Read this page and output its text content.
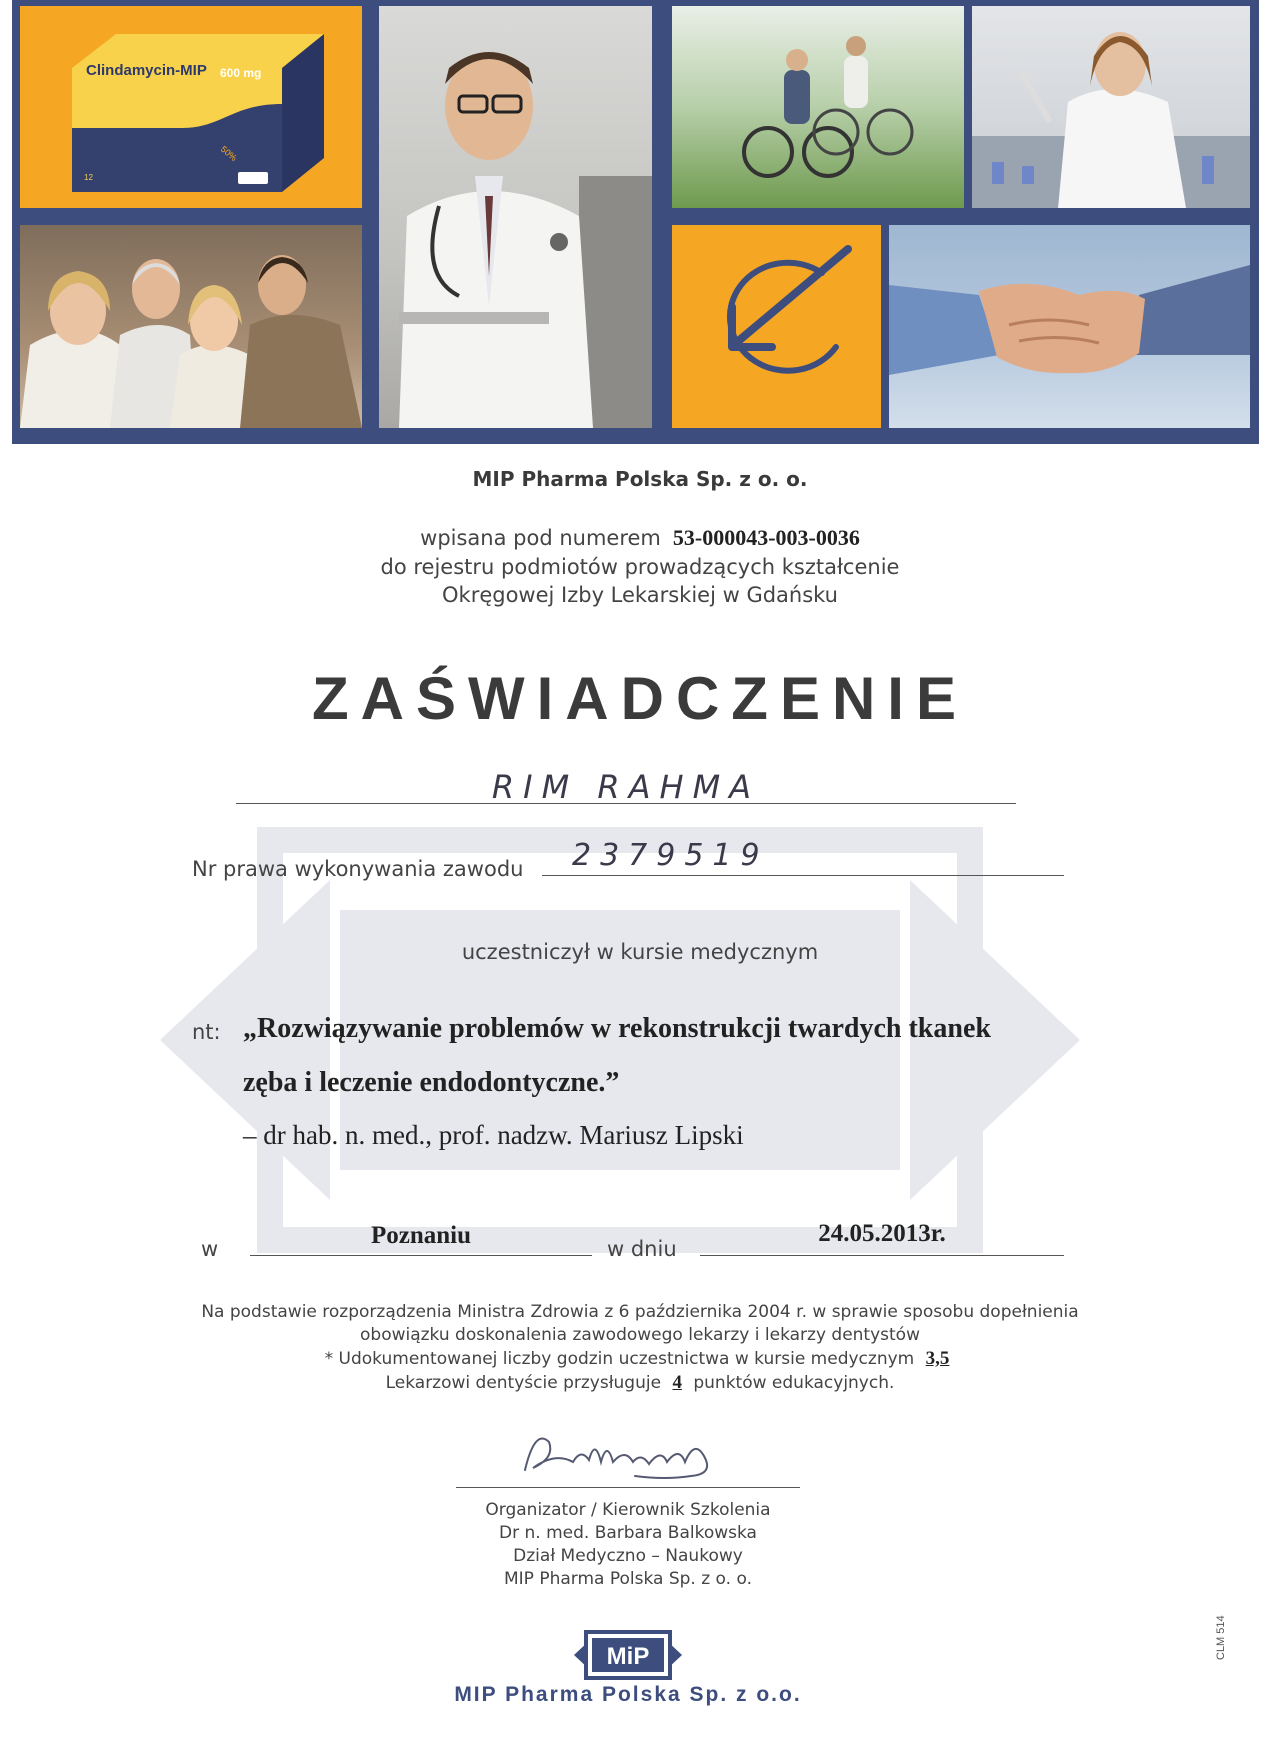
50%
12
Clindamycin-MIP 600 mg
MIP Pharma Polska Sp. z o. o.
wpisana pod numerem 53-000043-003-0036
do rejestru podmiotów prowadzących kształcenie
Okręgowej Izby Lekarskiej w Gdańsku
ZAŚWIADCZENIE
RIM RAHMA
Nr prawa wykonywania zawodu 2379519
uczestniczył w kursie medycznym
nt: „Rozwiązywanie problemów w rekonstrukcji twardych tkanek
zęba i leczenie endodontyczne.”
– dr hab. n. med., prof. nadzw. Mariusz Lipski
w	Poznaniu	w dniu
24.05.2013r.
Na podstawie rozporządzenia Ministra Zdrowia z 6 października 2004 r. w sprawie sposobu dopełnienia
obowiązku doskonalenia zawodowego lekarzy i lekarzy dentystów
* Udokumentowanej liczby godzin uczestnictwa w kursie medycznym 3,5
Lekarzowi dentyście przysługuje 4 punktów edukacyjnych.
Organizator / Kierownik Szkolenia
Dr n. med. Barbara Balkowska
Dział Medyczno – Naukowy
MIP Pharma Polska Sp. z o. o.
MiP
MIP Pharma Polska Sp. z o.o.
CLM 514
